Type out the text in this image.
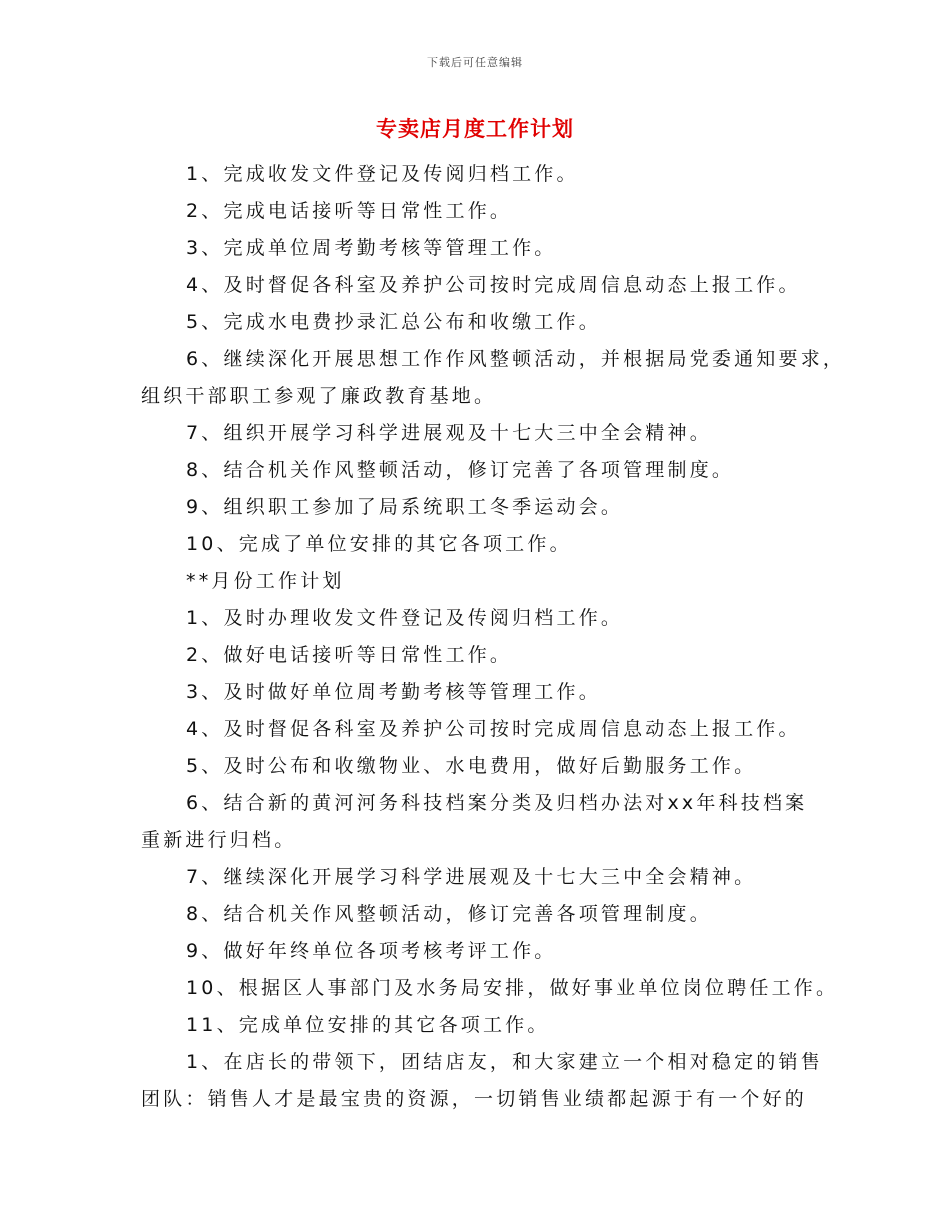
下载后可任意编辑
专卖店月度工作计划

1、完成收发文件登记及传阅归档工作。

2、完成电话接听等日常性工作。

3、完成单位周考勤考核等管理工作。

4、及时督促各科室及养护公司按时完成周信息动态上报工作。

5、完成水电费抄录汇总公布和收缴工作。

6、继续深化开展思想工作作风整顿活动，并根据局党委通知要求，

组织干部职工参观了廉政教育基地。

7、组织开展学习科学进展观及十七大三中全会精神。

8、结合机关作风整顿活动，修订完善了各项管理制度。

9、组织职工参加了局系统职工冬季运动会。

10、完成了单位安排的其它各项工作。

**月份工作计划

1、及时办理收发文件登记及传阅归档工作。

2、做好电话接听等日常性工作。

3、及时做好单位周考勤考核等管理工作。

4、及时督促各科室及养护公司按时完成周信息动态上报工作。

5、及时公布和收缴物业、水电费用，做好后勤服务工作。

6、结合新的黄河河务科技档案分类及归档办法对xx年科技档案

重新进行归档。

7、继续深化开展学习科学进展观及十七大三中全会精神。

8、结合机关作风整顿活动，修订完善各项管理制度。

9、做好年终单位各项考核考评工作。

10、根据区人事部门及水务局安排，做好事业单位岗位聘任工作。

11、完成单位安排的其它各项工作。

1、在店长的带领下，团结店友，和大家建立一个相对稳定的销售

团队：销售人才是最宝贵的资源，一切销售业绩都起源于有一个好的
